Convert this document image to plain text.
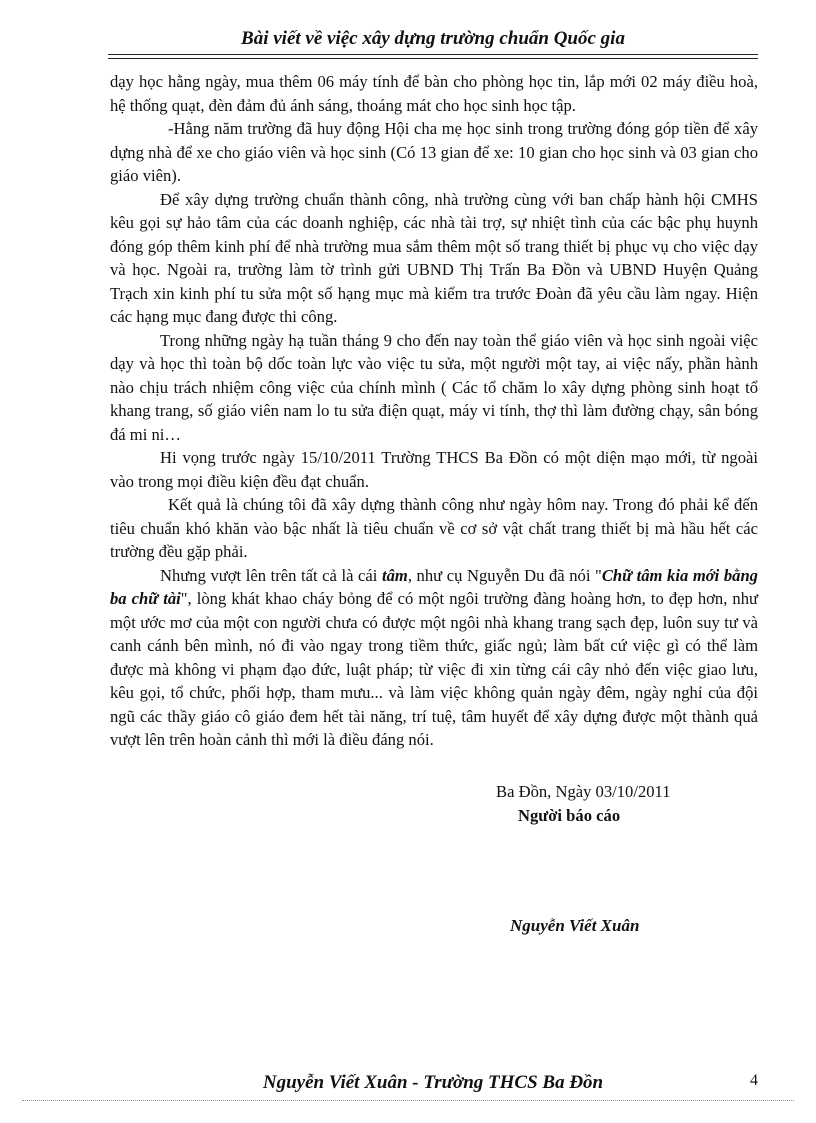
Bài viết về việc xây dựng trường chuẩn Quốc gia

dạy học hằng ngày, mua thêm 06 máy tính để bàn cho phòng học tin, lắp mới 02 máy điều hoà, hệ thống quạt, đèn đảm đủ ánh sáng, thoáng mát cho học sinh học tập.

-Hằng năm trường đã huy động Hội cha mẹ học sinh trong trường đóng góp tiền để xây dựng nhà để xe cho giáo viên và học sinh (Có 13 gian để xe: 10 gian cho học sinh và 03 gian cho giáo viên).

Để xây dựng trường chuẩn thành công, nhà trường cùng với ban chấp hành hội CMHS kêu gọi sự hảo tâm của các doanh nghiệp, các nhà tài trợ, sự nhiệt tình của các bậc phụ huynh đóng góp thêm kinh phí để nhà trường mua sắm thêm một số trang thiết bị phục vụ cho việc dạy và học. Ngoài ra, trường làm tờ trình gửi UBND Thị Trấn Ba Đồn và UBND Huyện Quảng Trạch xin kinh phí tu sửa một số hạng mục mà kiểm tra trước Đoàn đã yêu cầu làm ngay. Hiện các hạng mục đang được thi công.

Trong những ngày hạ tuần tháng 9 cho đến nay toàn thể giáo viên và học sinh ngoài việc dạy và học thì toàn bộ dốc toàn lực vào việc tu sửa, một người một tay, ai việc nấy, phần hành nào chịu trách nhiệm công việc của chính mình ( Các tổ chăm lo xây dựng phòng sinh hoạt tổ khang trang, số giáo viên nam lo tu sửa điện quạt, máy vi tính, thợ thì làm đường chạy, sân bóng đá mi ni…

Hi vọng trước ngày 15/10/2011 Trường THCS Ba Đồn có một diện mạo mới, từ ngoài vào trong mọi điều kiện đều đạt chuẩn.

Kết quả là chúng tôi đã xây dựng thành công như ngày hôm nay. Trong đó phải kể đến tiêu chuẩn khó khăn vào bậc nhất là tiêu chuẩn về cơ sở vật chất trang thiết bị mà hầu hết các trường đều gặp phải.

Nhưng vượt lên trên tất cả là cái tâm, như cụ Nguyễn Du đã nói "Chữ tâm kia mới bằng ba chữ tài", lòng khát khao cháy bỏng để có một ngôi trường đàng hoàng hơn, to đẹp hơn, như một ước mơ của một con người chưa có được một ngôi nhà khang trang sạch đẹp, luôn suy tư và canh cánh bên mình, nó đi vào ngay trong tiềm thức, giấc ngủ; làm bất cứ việc gì có thể làm được mà không vi phạm đạo đức, luật pháp; từ việc đi xin từng cái cây nhỏ đến việc giao lưu, kêu gọi, tổ chức, phối hợp, tham mưu... và làm việc không quản ngày đêm, ngày nghỉ của đội ngũ các thầy giáo cô giáo đem hết tài năng, trí tuệ, tâm huyết để xây dựng được một thành quả vượt lên trên hoàn cảnh thì mới là điều đáng nói.

Ba Đồn, Ngày 03/10/2011
Người báo cáo
Nguyễn Viết Xuân
Nguyễn Viết Xuân - Trường THCS Ba Đồn	4
